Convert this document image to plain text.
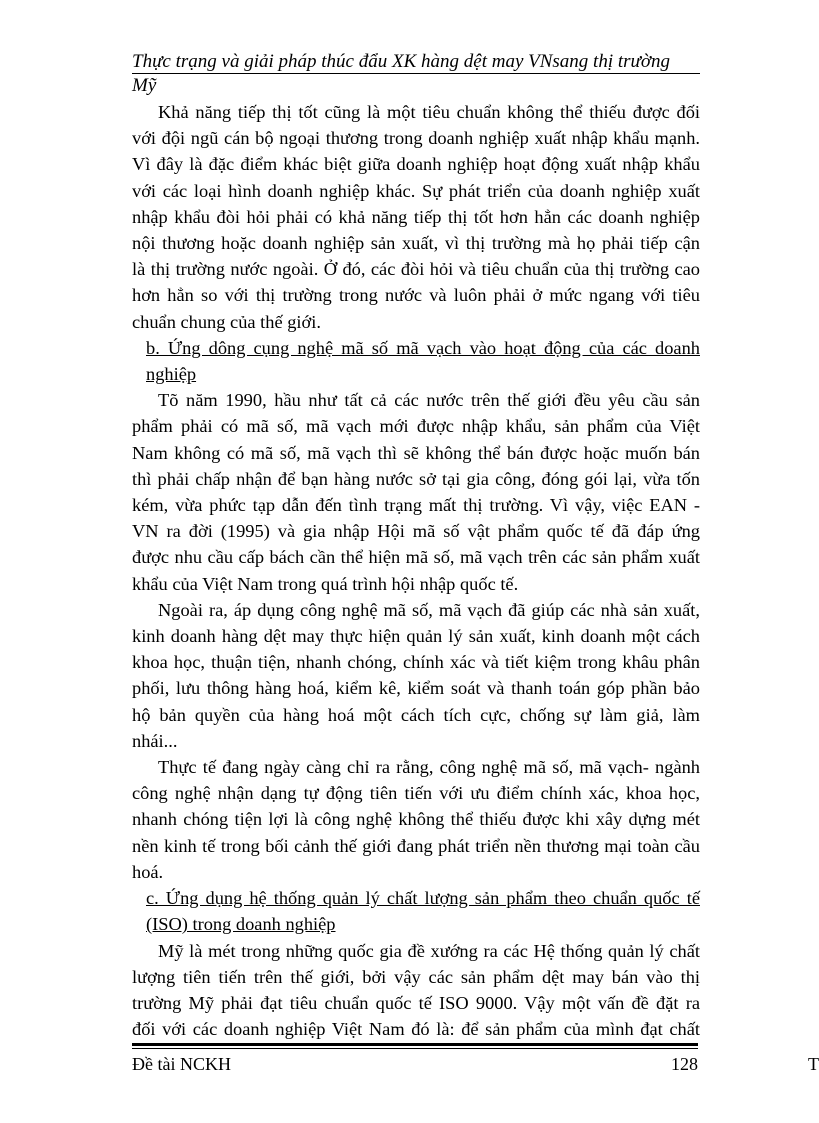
Thực trạng và giải pháp thúc đẩu XK hàng dệt may VNsang thị trường
Mỹ
Khả năng tiếp thị tốt cũng là một tiêu chuẩn không thể thiếu được đối
với đội ngũ cán bộ ngoại thương trong doanh nghiệp xuất nhập khẩu mạnh.
Vì đây là đặc điểm khác biệt giữa doanh nghiệp hoạt động xuất nhập khẩu
với các loại hình doanh nghiệp khác. Sự phát triển của doanh nghiệp xuất
nhập khẩu đòi hỏi phải có khả năng tiếp thị tốt hơn hẳn các doanh nghiệp
nội thương hoặc doanh nghiệp sản xuất, vì thị trường mà họ phải tiếp cận
là thị trường nước ngoài. Ở đó, các đòi hỏi và tiêu chuẩn của thị trường cao
hơn hẳn so với thị trường trong nước và luôn phải ở mức ngang với tiêu
chuẩn chung của thế giới.
b. Ứng dông cụng nghệ mã số mã vạch vào hoạt động của các doanh
nghiệp
Tõ năm 1990, hầu như tất cả các nước trên thế giới đều yêu cầu sản
phẩm phải có mã số, mã vạch mới được nhập khẩu, sản phẩm của Việt
Nam không có mã số, mã vạch thì sẽ không thể bán được hoặc muốn bán
thì phải chấp nhận để bạn hàng nước sở tại gia công, đóng gói lại, vừa tốn
kém, vừa phức tạp dẫn đến tình trạng mất thị trường. Vì vậy, việc EAN -
VN ra đời (1995) và gia nhập Hội mã số vật phẩm quốc tế đã đáp ứng
được nhu cầu cấp bách cần thể hiện mã số, mã vạch trên các sản phẩm xuất
khẩu của Việt Nam trong quá trình hội nhập quốc tế.
Ngoài ra, áp dụng công nghệ mã số, mã vạch đã giúp các nhà sản xuất,
kinh doanh hàng dệt may thực hiện quản lý sản xuất, kinh doanh một cách
khoa học, thuận tiện, nhanh chóng, chính xác và tiết kiệm trong khâu phân
phối, lưu thông hàng hoá, kiểm kê, kiểm soát và thanh toán góp phần bảo
hộ bản quyền của hàng hoá một cách tích cực, chống sự làm giả, làm
nhái...
Thực tế đang ngày càng chỉ ra rằng, công nghệ mã số, mã vạch- ngành
công nghệ nhận dạng tự động tiên tiến với ưu điểm chính xác, khoa học,
nhanh chóng tiện lợi là công nghệ không thể thiếu được khi xây dựng mét
nền kinh tế trong bối cảnh thế giới đang phát triển nền thương mại toàn cầu
hoá.
c. Ứng dụng hệ thống quản lý chất lượng sản phẩm theo chuẩn quốc tế
(ISO) trong doanh nghiệp
Mỹ là mét trong những quốc gia đề xướng ra các Hệ thống quản lý chất
lượng tiên tiến trên thế giới, bởi vậy các sản phẩm dệt may bán vào thị
trường Mỹ phải đạt tiêu chuẩn quốc tế ISO 9000. Vậy một vấn đề đặt ra
đối với các doanh nghiệp Việt Nam đó là: để sản phẩm của mình đạt chất
Đề tài NCKH	128	T
